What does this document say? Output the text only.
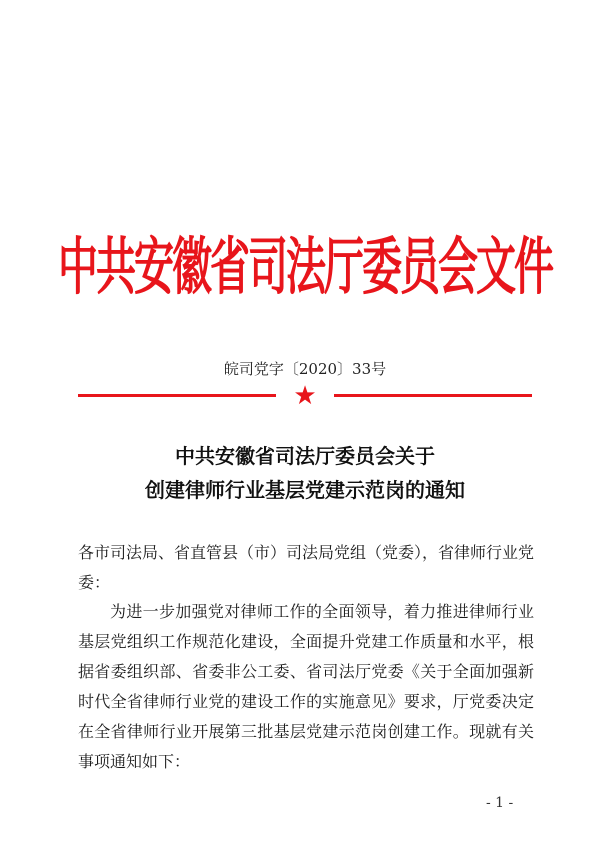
中共安徽省司法厅委员会文件
皖司党字〔2020〕33号
★
中共安徽省司法厅委员会关于
创建律师行业基层党建示范岗的通知
各市司法局、省直管县（市）司法局党组（党委），省律师行业党委：
为进一步加强党对律师工作的全面领导，着力推进律师行业基层党组织工作规范化建设，全面提升党建工作质量和水平，根据省委组织部、省委非公工委、省司法厅党委《关于全面加强新时代全省律师行业党的建设工作的实施意见》要求，厅党委决定在全省律师行业开展第三批基层党建示范岗创建工作。现就有关事项通知如下：
- 1 -
